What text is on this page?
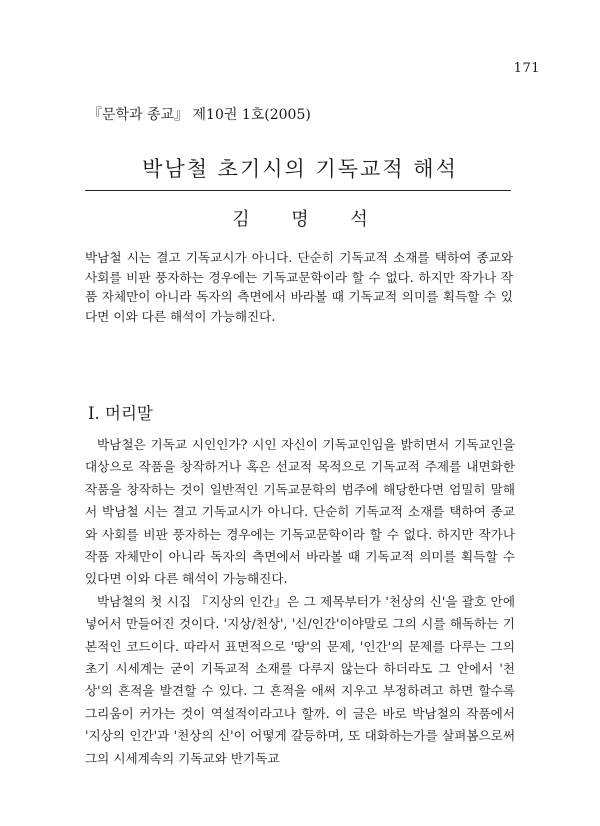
171
『문학과 종교』 제10권 1호(2005)
박남철 초기시의 기독교적 해석
김 명 석

박남철 시는 결고 기독교시가 아니다. 단순히 기독교적 소재를 택하여 종교와 사회를 비판 풍자하는 경우에는 기독교문학이라 할 수 없다. 하지만 작가나 작품 자체만이 아니라 독자의 측면에서 바라볼 때 기독교적 의미를 획득할 수 있다면 이와 다른 해석이 가능해진다.

I. 머리말

박남철은 기독교 시인인가? 시인 자신이 기독교인임을 밝히면서 기독교인을 대상으로 작품을 창작하거나 혹은 선교적 목적으로 기독교적 주제를 내면화한 작품을 창작하는 것이 일반적인 기독교문학의 범주에 해당한다면 엄밀히 말해서 박남철 시는 결고 기독교시가 아니다. 단순히 기독교적 소재를 택하여 종교와 사회를 비판 풍자하는 경우에는 기독교문학이라 할 수 없다. 하지만 작가나 작품 자체만이 아니라 독자의 측면에서 바라볼 때 기독교적 의미를 획득할 수 있다면 이와 다른 해석이 가능해진다.

박남철의 첫 시집 『지상의 인간』은 그 제목부터가 '천상의 신'을 괄호 안에 넣어서 만들어진 것이다. '지상/천상', '신/인간'이야말로 그의 시를 해독하는 기본적인 코드이다. 따라서 표면적으로 '땅'의 문제, '인간'의 문제를 다루는 그의 초기 시세계는 굳이 기독교적 소재를 다루지 않는다 하더라도 그 안에서 '천상'의 흔적을 발견할 수 있다. 그 흔적을 애써 지우고 부정하려고 하면 할수록 그리움이 커가는 것이 역설적이라고나 할까. 이 글은 바로 박남철의 작품에서 '지상의 인간'과 '천상의 신'이 어떻게 갈등하며, 또 대화하는가를 살펴봄으로써 그의 시세계속의 기독교와 반기독교
